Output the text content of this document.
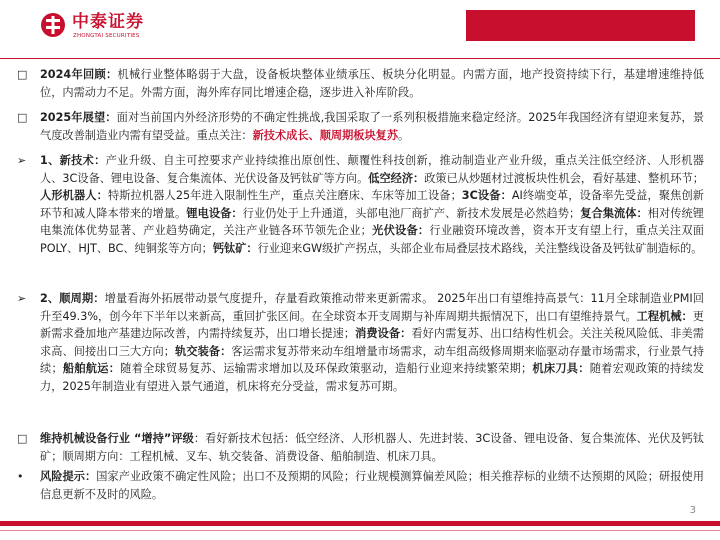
中泰证券
ZHONGTAI SECURITIES
□ 2024年回顾：机械行业整体略弱于大盘，设备板块整体业绩承压、板块分化明显。内需方面，地产投资持续下行，基建增速维持低位，内需动力不足。外需方面，海外库存同比增速企稳，逐步进入补库阶段。
□ 2025年展望：面对当前国内外经济形势的不确定性挑战,我国采取了一系列积极措施来稳定经济。2025年我国经济有望迎来复苏，景气度改善制造业内需有望受益。重点关注：新技术成长、顺周期板块复苏。
➢ 1、新技术：产业升级、自主可控要求产业持续推出原创性、颠覆性科技创新，推动制造业产业升级，重点关注低空经济、人形机器人、3C设备、锂电设备、复合集流体、光伏设备及钙钛矿等方向。低空经济：政策已从炒题材过渡板块性机会，看好基建、整机环节；人形机器人：特斯拉机器人25年进入限制性生产，重点关注磨床、车床等加工设备；3C设备：AI终端变革，设备率先受益，聚焦创新环节和减人降本带来的增量。锂电设备：行业仍处于上升通道，头部电池厂商扩产、新技术发展是必然趋势；复合集流体：相对传统锂电集流体优势显著、产业趋势确定，关注产业链各环节领先企业；光伏设备：行业融资环境改善，资本开支有望上行，重点关注双面POLY、HJT、BC、纯铜浆等方向；钙钛矿：行业迎来GW级扩产拐点，头部企业布局叠层技术路线，关注整线设备及钙钛矿制造标的。
➢ 2、顺周期：增量看海外拓展带动景气度提升，存量看政策推动带来更新需求。 2025年出口有望维持高景气：11月全球制造业PMI回升至49.3%，创今年下半年以来新高，重回扩张区间。在全球资本开支周期与补库周期共振情况下，出口有望维持景气。工程机械：更新需求叠加地产基建边际改善，内需持续复苏，出口增长提速；消费设备：看好内需复苏、出口结构性机会。关注关税风险低、非美需求高、间接出口三大方向；轨交装备：客运需求复苏带来动车组增量市场需求，动车组高级修周期来临驱动存量市场需求，行业景气持续；船舶航运：随着全球贸易复苏、运输需求增加以及环保政策驱动，造船行业迎来持续繁荣期；机床刀具：随着宏观政策的持续发力，2025年制造业有望进入景气通道，机床将充分受益，需求复苏可期。
□ 维持机械设备行业 “增持”评级：看好新技术包括：低空经济、人形机器人、先进封装、3C设备、锂电设备、复合集流体、光伏及钙钛矿；顺周期方向：工程机械、叉车、轨交装备、消费设备、船舶制造、机床刀具。
• 风险提示：国家产业政策不确定性风险；出口不及预期的风险；行业规模测算偏差风险；相关推荐标的业绩不达预期的风险；研报使用信息更新不及时的风险。
3
